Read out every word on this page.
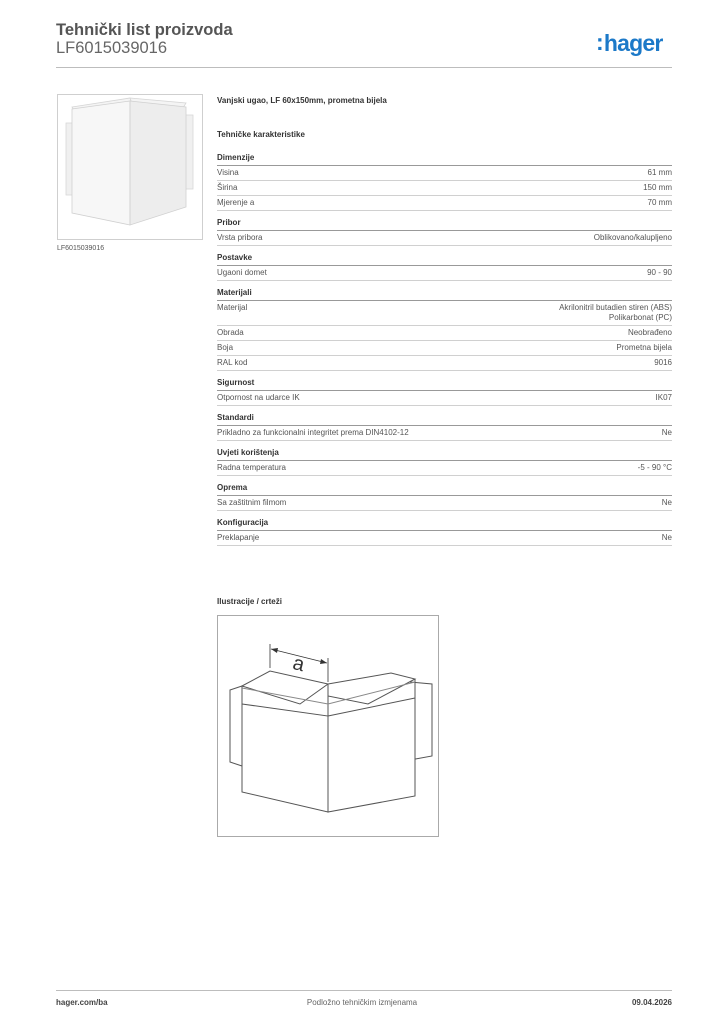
Tehnički list proizvoda
LF6015039016	:hager
LF6015039016
Vanjski ugao, LF 60x150mm, prometna bijela
Tehničke karakteristike
Dimenzije
Visina	61 mm
Širina	150 mm
Mjerenje a	70 mm
Pribor
Vrsta pribora	Oblikovano/kalupljeno
Postavke
Ugaoni domet	90 - 90
Materijali
Materijal	Akrilonitril butadien stiren (ABS)
Polikarbonat (PC)
Obrada	Neobrađeno
Boja	Prometna bijela
RAL kod	9016
Sigurnost
Otpornost na udarce IK	IK07
Standardi
Prikladno za funkcionalni integritet prema DIN4102-12	Ne
Uvjeti korištenja
Radna temperatura	-5 - 90 °C
Oprema
Sa zaštitnim filmom	Ne
Konfiguracija
Preklapanje	Ne
Ilustracije / crteži
a
hager.com/ba	Podložno tehničkim izmjenama	09.04.2026
